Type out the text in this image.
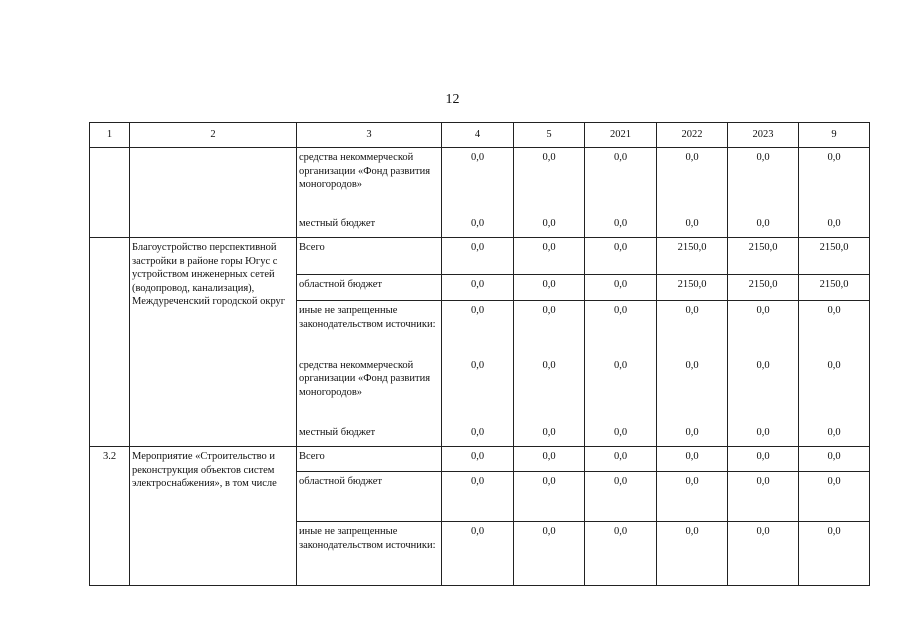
12
1	2	3	4	5	2021	2022	2023	9
		средства некоммерческой организации «Фонд развития моногородов»	0,0	0,0	0,0	0,0	0,0	0,0
		местный бюджет	0,0	0,0	0,0	0,0	0,0	0,0
	Благоустройство перспективной застройки в районе горы Югус с устройством инженерных сетей (водопровод, канализация), Междуреченский городской округ	Всего	0,0	0,0	0,0	2150,0	2150,0	2150,0
		областной бюджет	0,0	0,0	0,0	2150,0	2150,0	2150,0
		иные не запрещенные законодательством источники:	0,0	0,0	0,0	0,0	0,0	0,0
		средства некоммерческой организации «Фонд развития моногородов»	0,0	0,0	0,0	0,0	0,0	0,0
		местный бюджет	0,0	0,0	0,0	0,0	0,0	0,0
3.2	Мероприятие «Строительство и реконструкция объектов систем электроснабжения», в том числе	Всего	0,0	0,0	0,0	0,0	0,0	0,0
		областной бюджет	0,0	0,0	0,0	0,0	0,0	0,0
		иные не запрещенные законодательством источники:	0,0	0,0	0,0	0,0	0,0	0,0
